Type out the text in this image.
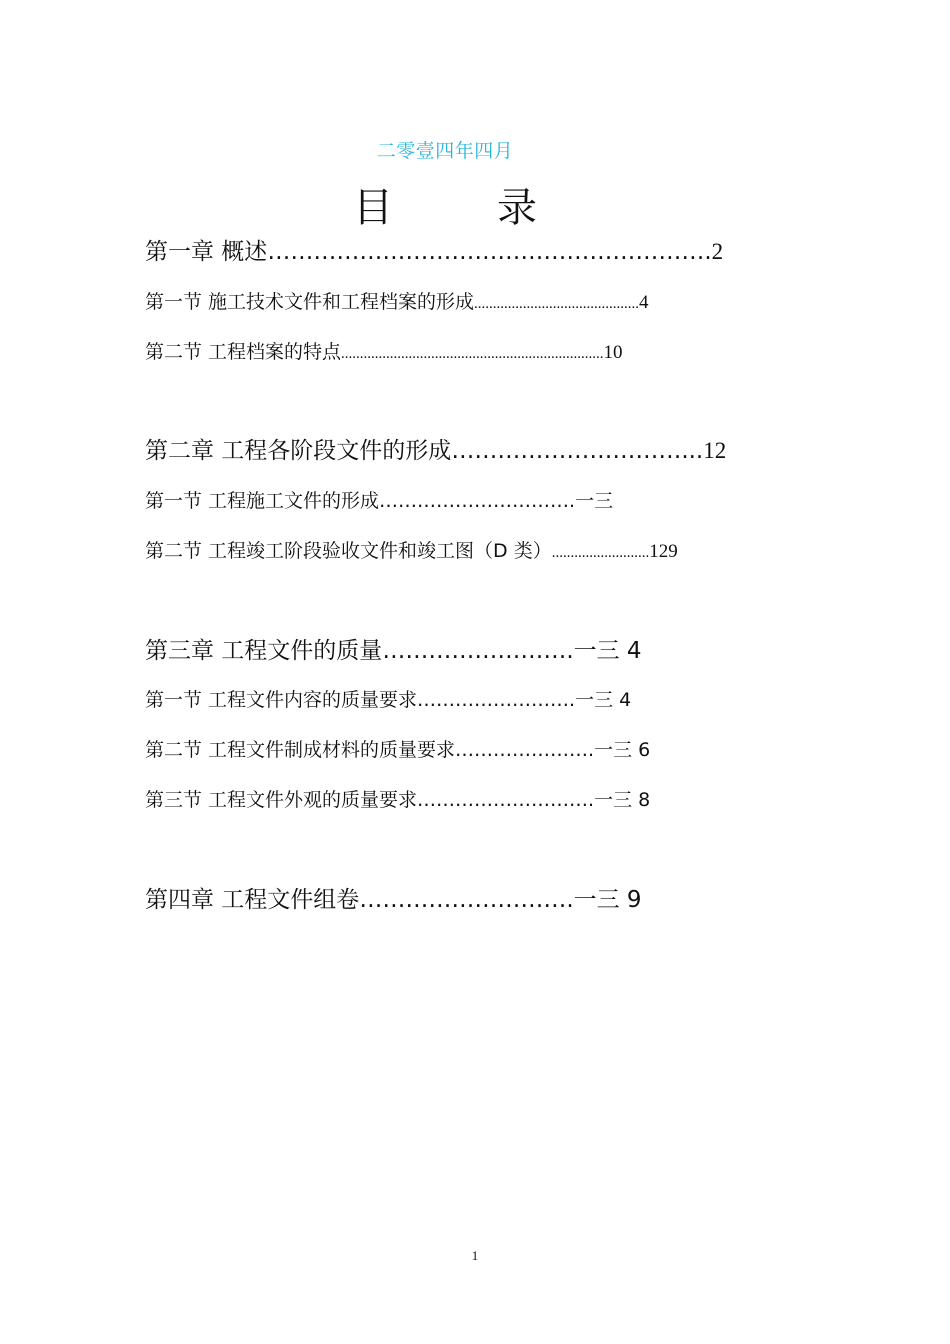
二零壹四年四月
目	录
第一章 概述………………………………………………….2
第一节 施工技术文件和工程档案的形成............................................4
第二节 工程档案的特点......................................................................10
第二章 工程各阶段文件的形成…………………………...12
第一节 工程施工文件的形成………………………….一三
第二节 工程竣工阶段验收文件和竣工图（D 类）..........................129
第三章 工程文件的质量…………………….一三 4
第一节 工程文件内容的质量要求…………………….一三 4
第二节 工程文件制成材料的质量要求………………….一三 6
第三节 工程文件外观的质量要求……………………….一三 8
第四章 工程文件组卷……………………….一三 9
1
